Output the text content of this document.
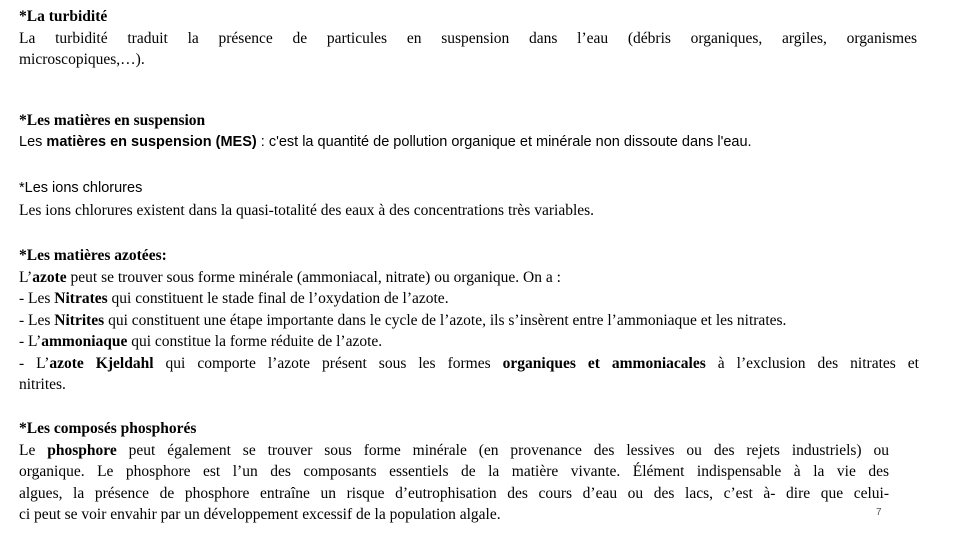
*La turbidité
La turbidité traduit la présence de particules en suspension dans l’eau (débris organiques, argiles, organismes
microscopiques,…).
*Les matières en suspension
Les matières en suspension (MES) : c'est la quantité de pollution organique et minérale non dissoute dans l'eau.
*Les ions chlorures
Les ions chlorures existent dans la quasi-totalité des eaux à des concentrations très variables.
*Les matières azotées:
L’azote peut se trouver sous forme minérale (ammoniacal, nitrate) ou organique. On a :
- Les Nitrates qui constituent le stade final de l’oxydation de l’azote.
- Les Nitrites qui constituent une étape importante dans le cycle de l’azote, ils s’insèrent entre l’ammoniaque et les nitrates.
- L’ammoniaque qui constitue la forme réduite de l’azote.
- L’azote Kjeldahl qui comporte l’azote présent sous les formes organiques et ammoniacales à l’exclusion des nitrates et
nitrites.
*Les composés phosphorés
Le phosphore peut également se trouver sous forme minérale (en provenance des lessives ou des rejets industriels) ou
organique. Le phosphore est l’un des composants essentiels de la matière vivante. Élément indispensable à la vie des
algues, la présence de phosphore entraîne un risque d’eutrophisation des cours d’eau ou des lacs, c’est à- dire que celui-
ci peut se voir envahir par un développement excessif de la population algale.	7
